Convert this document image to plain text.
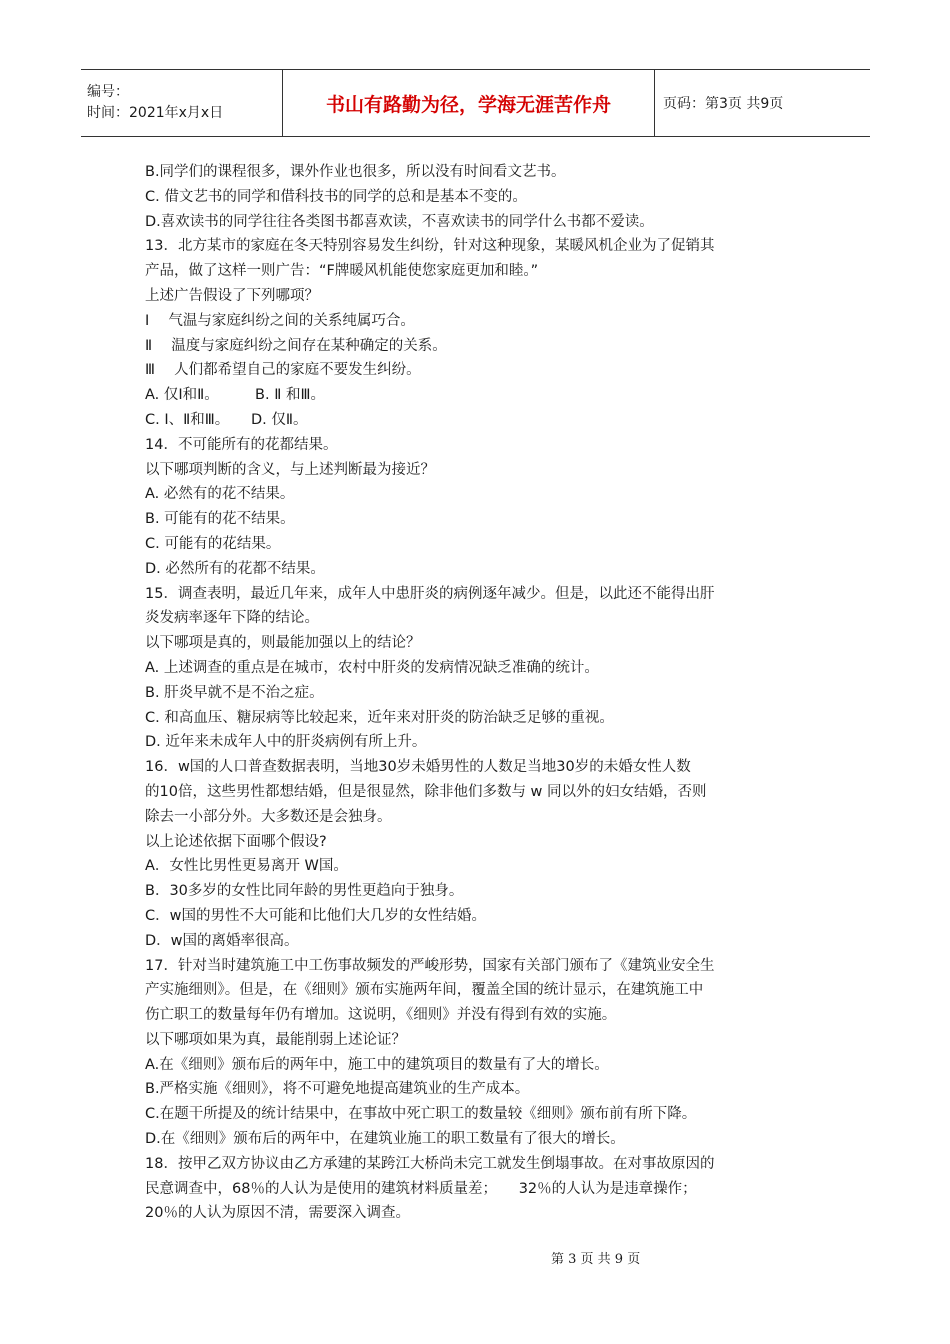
编号：
时间：2021年x月x日	书山有路勤为径，学海无涯苦作舟	页码：第3页 共9页
B.同学们的课程很多，课外作业也很多，所以没有时间看文艺书。
C. 借文艺书的同学和借科技书的同学的总和是基本不变的。
D.喜欢读书的同学往往各类图书都喜欢读，不喜欢读书的同学什么书都不爱读。
13．北方某市的家庭在冬天特别容易发生纠纷，针对这种现象，某暖风机企业为了促销其
产品，做了这样一则广告：“F牌暖风机能使您家庭更加和睦。”
上述广告假设了下列哪项？
Ⅰ　 气温与家庭纠纷之间的关系纯属巧合。
Ⅱ　 温度与家庭纠纷之间存在某种确定的关系。
Ⅲ　 人们都希望自己的家庭不要发生纠纷。
A. 仅Ⅰ和Ⅱ。　　　B. Ⅱ 和Ⅲ。
C. Ⅰ、Ⅱ和Ⅲ。　　D. 仅Ⅱ。
14．不可能所有的花都结果。
以下哪项判断的含义，与上述判断最为接近？
A. 必然有的花不结果。
B. 可能有的花不结果。
C. 可能有的花结果。
D. 必然所有的花都不结果。
15．调查表明，最近几年来，成年人中患肝炎的病例逐年减少。但是，以此还不能得出肝
炎发病率逐年下降的结论。
以下哪项是真的，则最能加强以上的结论？
A. 上述调查的重点是在城市，农村中肝炎的发病情况缺乏准确的统计。
B. 肝炎早就不是不治之症。
C. 和高血压、糖尿病等比较起来，近年来对肝炎的防治缺乏足够的重视。
D. 近年来未成年人中的肝炎病例有所上升。
16．w国的人口普查数据表明，当地30岁未婚男性的人数足当地30岁的未婚女性人数
的10倍，这些男性都想结婚，但是很显然，除非他们多数与 w 同以外的妇女结婚，否则
除去一小部分外。大多数还是会独身。
以上论述依据下面哪个假设?
A．女性比男性更易离开 W国。
B．30多岁的女性比同年龄的男性更趋向于独身。
C．w国的男性不大可能和比他们大几岁的女性结婚。
D．w国的离婚率很高。
17．针对当时建筑施工中工伤事故频发的严峻形势，国家有关部门颁布了《建筑业安全生
产实施细则》。但是，在《细则》颁布实施两年间，覆盖全国的统计显示，在建筑施工中
伤亡职工的数量每年仍有增加。这说明，《细则》并没有得到有效的实施。
以下哪项如果为真，最能削弱上述论证？
A.在《细则》颁布后的两年中，施工中的建筑项目的数量有了大的增长。
B.严格实施《细则》，将不可避免地提高建筑业的生产成本。
C.在题干所提及的统计结果中，在事故中死亡职工的数量较《细则》颁布前有所下降。
D.在《细则》颁布后的两年中，在建筑业施工的职工数量有了很大的增长。
18．按甲乙双方协议由乙方承建的某跨江大桥尚未完工就发生倒塌事故。在对事故原因的
民意调查中，68％的人认为是使用的建筑材料质量差；　　32％的人认为是违章操作；
20％的人认为原因不清，需要深入调查。
第 3 页 共 9 页
